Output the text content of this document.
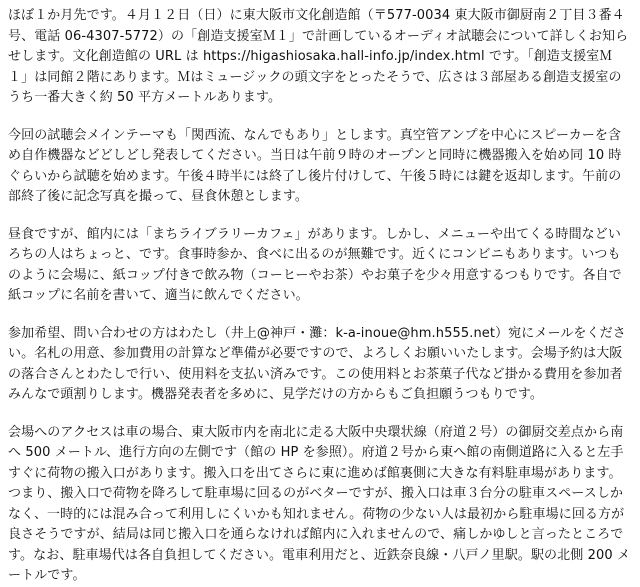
ほぼ１か月先です。４月１２日（日）に東大阪市文化創造館（〒577-0034 東大阪市御厨南２丁目３番４号、電話 06-4307-5772）の「創造支援室Ｍ１」で計画しているオーディオ試聴会について詳しくお知らせします。文化創造館の URL は https://higashiosaka.hall-info.jp/index.html です。「創造支援室Ｍ１」は同館２階にあります。Ｍはミュージックの頭文字をとったそうで、広さは３部屋ある創造支援室のうち一番大きく約 50 平方メートルあります。

今回の試聴会メインテーマも「関西流、なんでもあり」とします。真空管アンプを中心にスピーカーを含め自作機器などどしどし発表してください。当日は午前９時のオープンと同時に機器搬入を始め同 10 時ぐらいから試聴を始めます。午後４時半には終了し後片付けして、午後５時には鍵を返却します。午前の部終了後に記念写真を撮って、昼食休憩とします。

昼食ですが、館内には「まちライブラリーカフェ」があります。しかし、メニューや出てくる時間などいろちの人はちょっと、です。食事時参か、食べに出るのが無難です。近くにコンビニもあります。いつものように会場に、紙コップ付きで飲み物（コーヒーやお茶）やお菓子を少々用意するつもりです。各自で紙コップに名前を書いて、適当に飲んでください。

参加希望、問い合わせの方はわたし（井上@神戸・灘：k-a-inoue@hm.h555.net）宛にメールをください。名札の用意、参加費用の計算など準備が必要ですので、よろしくお願いいたします。会場予約は大阪の落合さんとわたしで行い、使用料を支払い済みです。この使用料とお茶菓子代など掛かる費用を参加者みんなで頭割りします。機器発表者を多めに、見学だけの方からもご負担願うつもりです。

会場へのアクセスは車の場合、東大阪市内を南北に走る大阪中央環状線（府道２号）の御厨交差点から南へ 500 メートル、進行方向の左側です（館の HP を参照）。府道２号から東へ館の南側道路に入ると左手すぐに荷物の搬入口があります。搬入口を出てさらに東に進めば館裏側に大きな有料駐車場があります。つまり、搬入口で荷物を降ろして駐車場に回るのがベターですが、搬入口は車３台分の駐車スペースしかなく、一時的には混み合って利用しにくいかも知れません。荷物の少ない人は最初から駐車場に回る方が良さそうですが、結局は同じ搬入口を通らなければ館内に入れませんので、痛しかゆしと言ったところです。なお、駐車場代は各自負担してください。電車利用だと、近鉄奈良線・八戸ノ里駅。駅の北側 200 メートルです。
